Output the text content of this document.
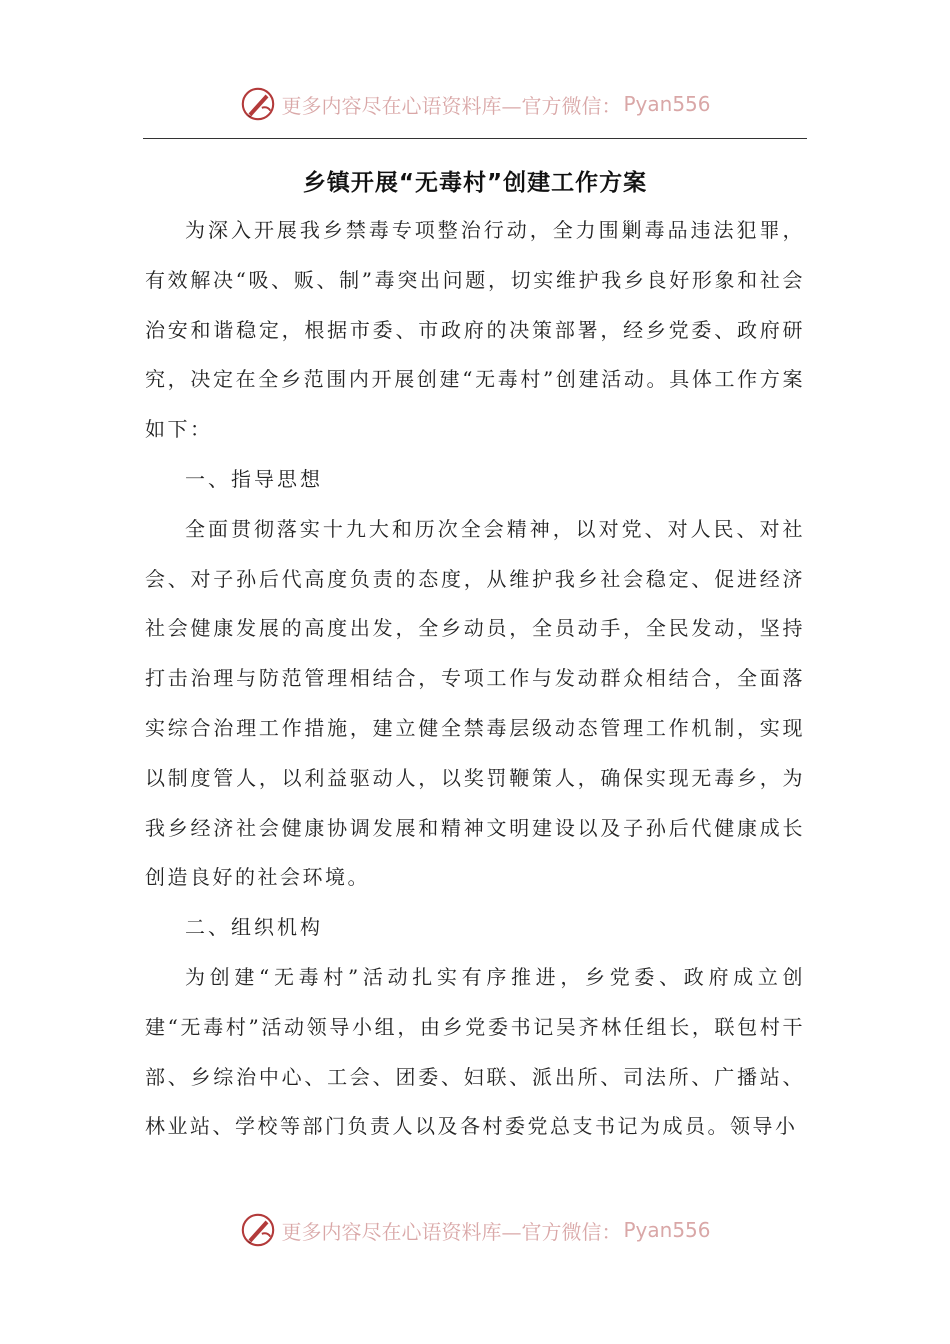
更多内容尽在心语资料库—官方微信： Pyan556
乡镇开展“无毒村”创建工作方案

为深入开展我乡禁毒专项整治行动，全力围剿毒品违法犯罪，有效解决“吸、贩、制”毒突出问题，切实维护我乡良好形象和社会治安和谐稳定，根据市委、市政府的决策部署，经乡党委、政府研究，决定在全乡范围内开展创建“无毒村”创建活动。具体工作方案如下：

一、指导思想

全面贯彻落实十九大和历次全会精神，以对党、对人民、对社会、对子孙后代高度负责的态度，从维护我乡社会稳定、促进经济社会健康发展的高度出发，全乡动员，全员动手，全民发动，坚持打击治理与防范管理相结合，专项工作与发动群众相结合，全面落实综合治理工作措施，建立健全禁毒层级动态管理工作机制，实现以制度管人，以利益驱动人，以奖罚鞭策人，确保实现无毒乡，为我乡经济社会健康协调发展和精神文明建设以及子孙后代健康成长创造良好的社会环境。

二、组织机构

为创建“无毒村”活动扎实有序推进，乡党委、政府成立创建“无毒村”活动领导小组，由乡党委书记吴齐林任组长，联包村干部、乡综治中心、工会、团委、妇联、派出所、司法所、广播站、林业站、学校等部门负责人以及各村委党总支书记为成员。领导小

更多内容尽在心语资料库—官方微信： Pyan556
